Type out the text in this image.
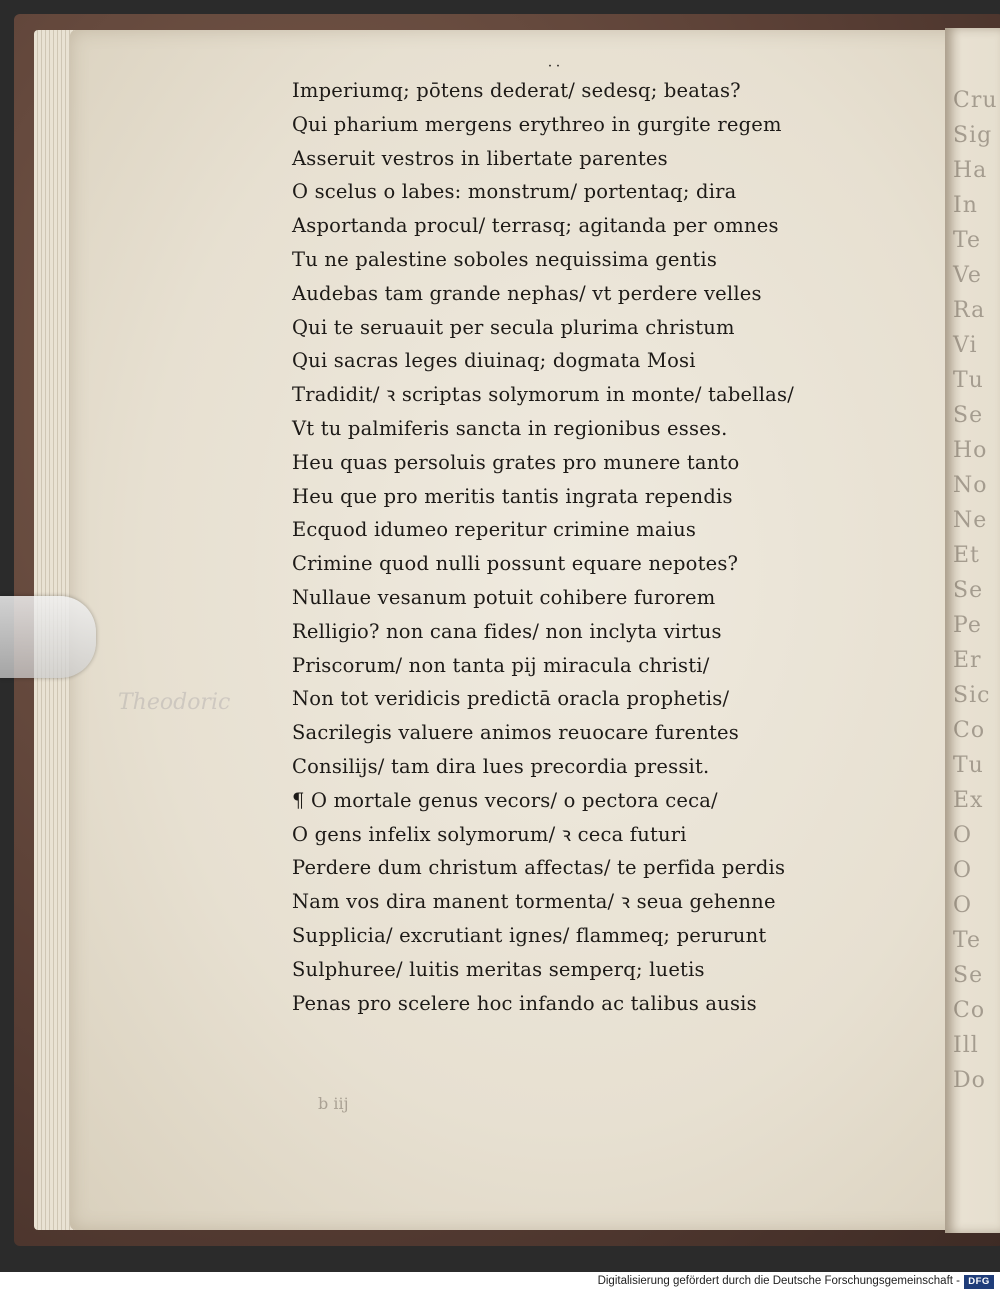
˙˙
Cru
Sig
Ha
In
Te
Ve
Ra
Vi
Tu
Se
Ho
No
Ne
Et
Se
Pe
Er
Sic
Co
Tu
Ex
O
O
O
Te
Se
Co
Ill
Do
Theodoric
Imperiumq; pōtens dederat/ sedesq; beatas?
Qui pharium mergens erythreo in gurgite regem
Asseruit vestros in libertate parentes
O scelus o labes: monstrum/ portentaq; dira
Asportanda procul/ terrasq; agitanda per omnes
Tu ne palestine soboles nequissima gentis
Audebas tam grande nephas/ vt perdere velles
Qui te seruauit per secula plurima christum
Qui sacras leges diuinaq; dogmata Mosi
Tradidit/ ꝛ scriptas solymorum in monte/ tabellas/
Vt tu palmiferis sancta in regionibus esses.
Heu quas persoluis grates pro munere tanto
Heu que pro meritis tantis ingrata rependis
Ecquod idumeo reperitur crimine maius
Crimine quod nulli possunt equare nepotes?
Nullaue vesanum potuit cohibere furorem
Relligio? non cana fides/ non inclyta virtus
Priscorum/ non tanta pij miracula christi/
Non tot veridicis predictā oracla prophetis/
Sacrilegis valuere animos reuocare furentes
Consilijs/ tam dira lues precordia pressit.
¶ O mortale genus vecors/ o pectora ceca/
O gens infelix solymorum/ ꝛ ceca futuri
Perdere dum christum affectas/ te perfida perdis
Nam vos dira manent tormenta/ ꝛ seua gehenne
Supplicia/ excrutiant ignes/ flammeq; perurunt
Sulphuree/ luitis meritas semperq; luetis
Penas pro scelere hoc infando ac talibus ausis
b iij
Digitalisierung gefördert durch die Deutsche Forschungsgemeinschaft - DFG
